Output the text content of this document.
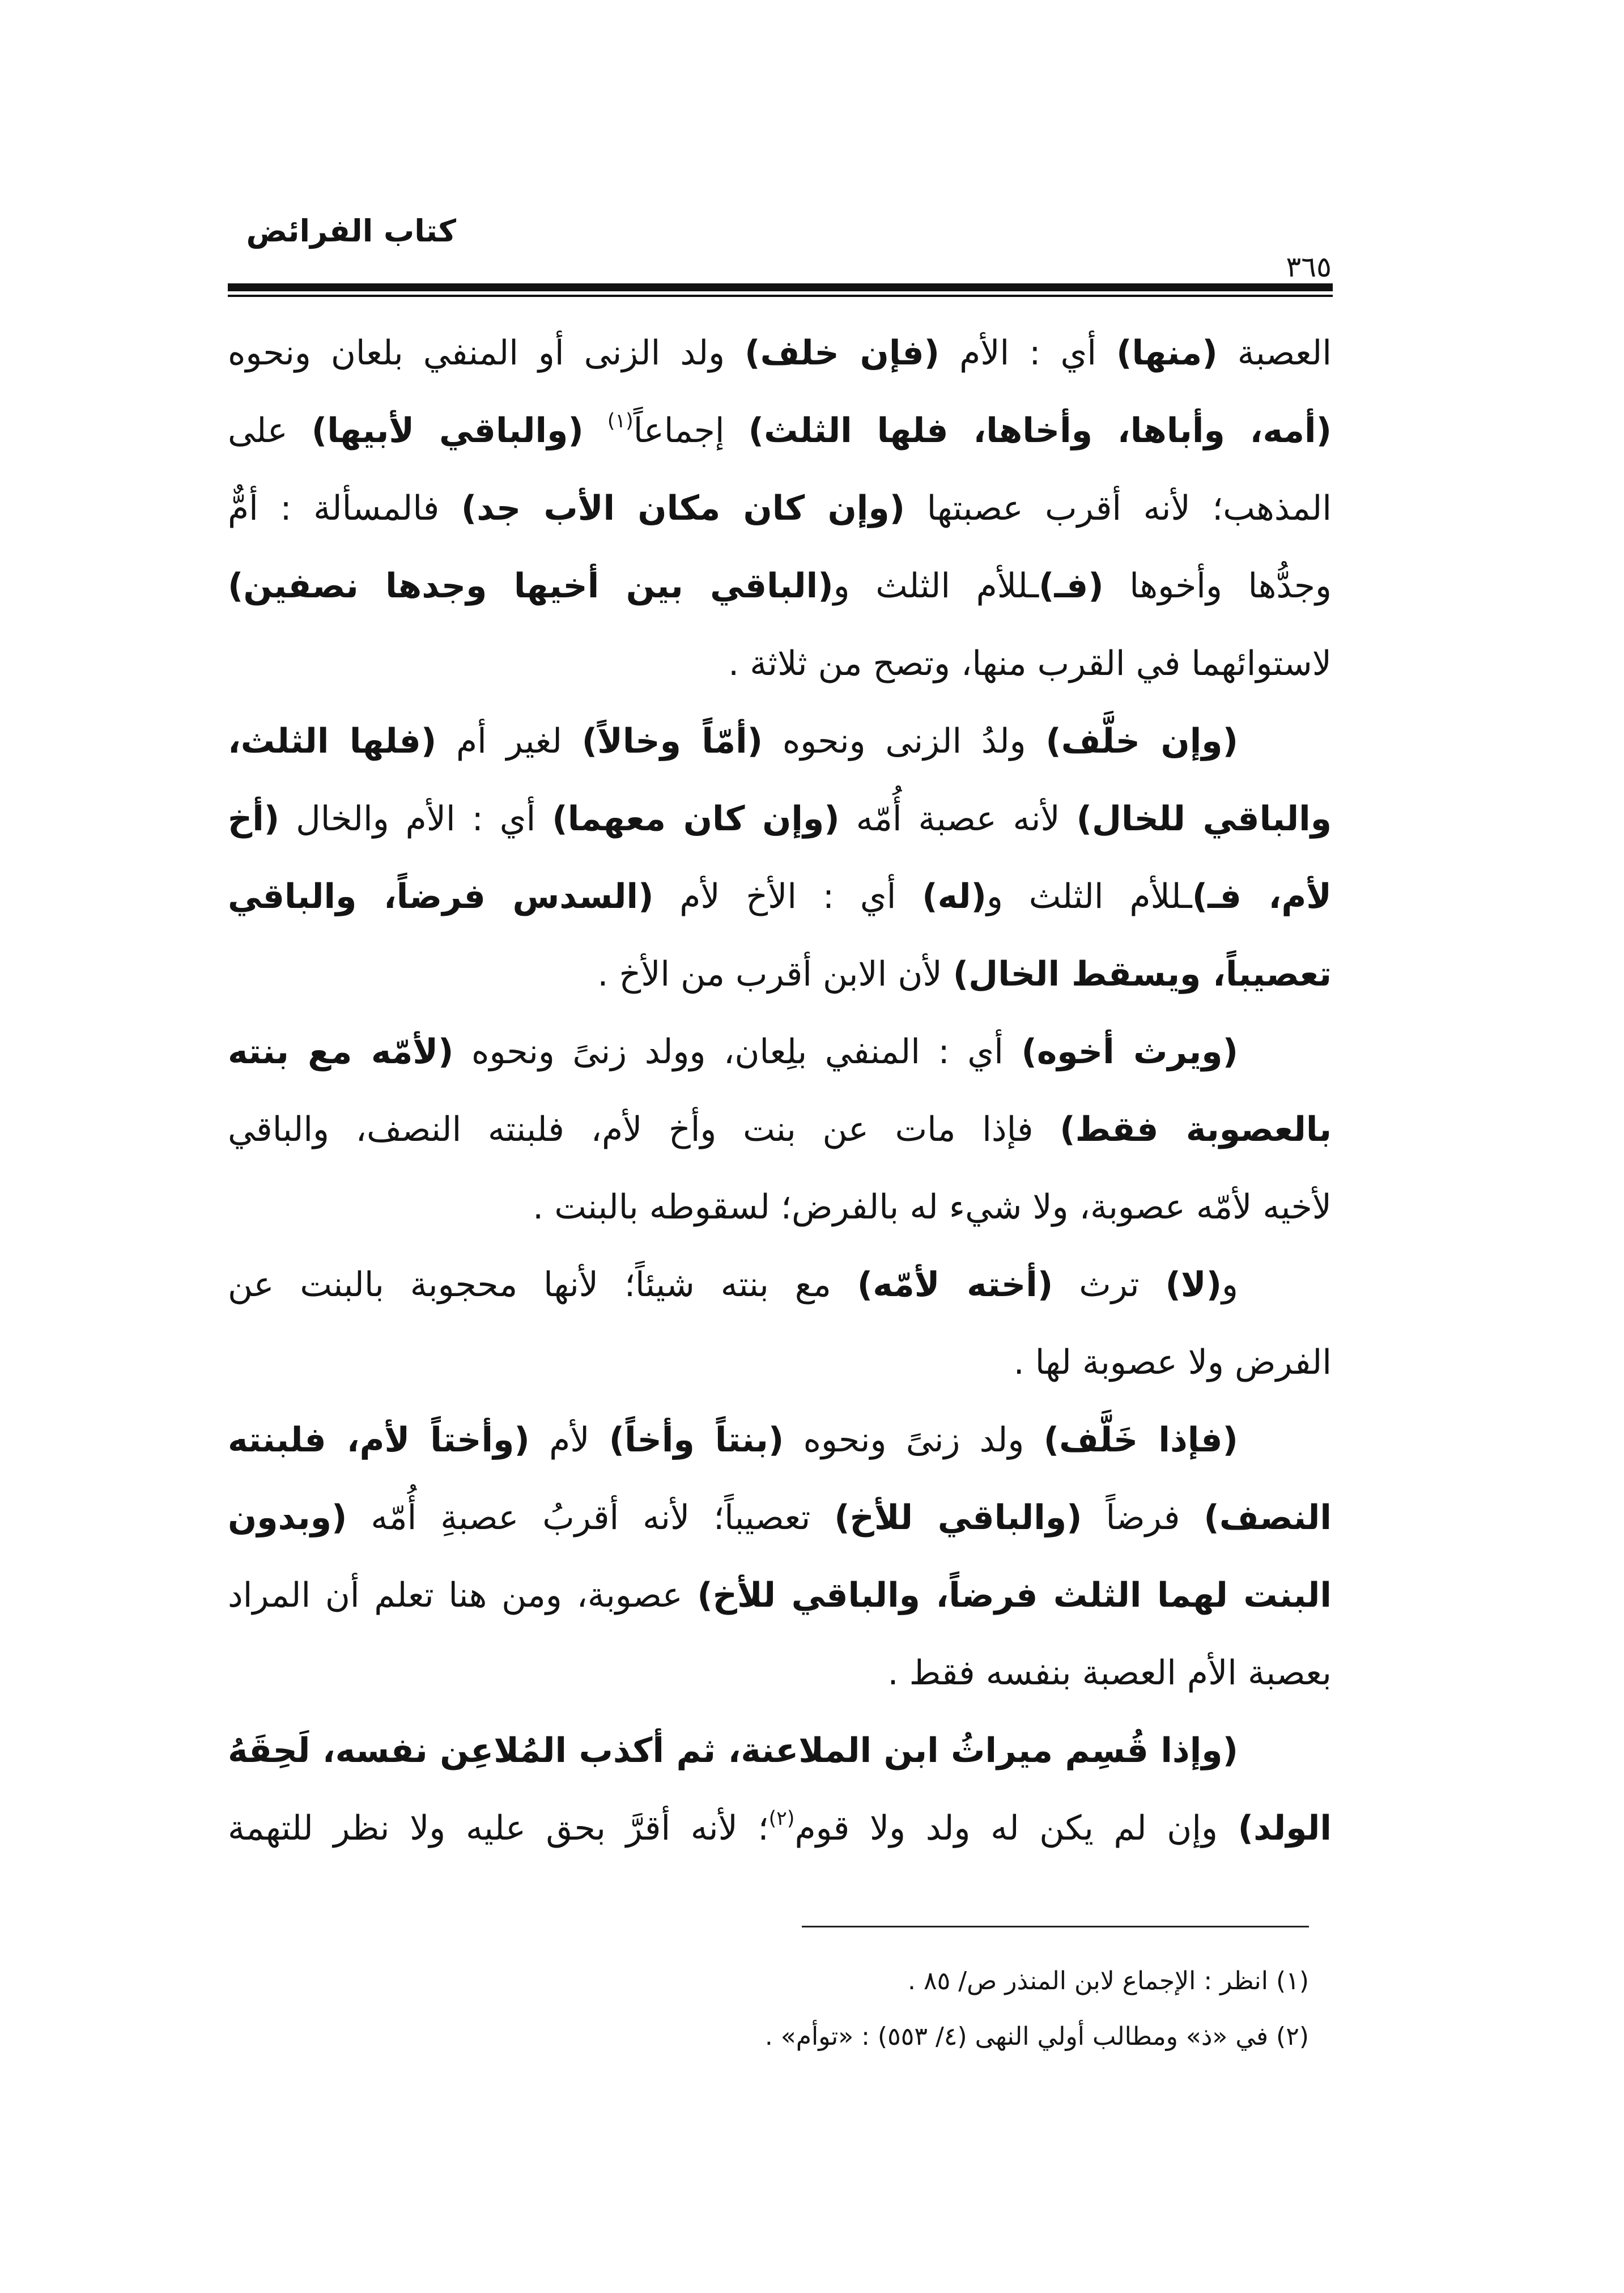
كتاب الفرائض
٣٦٥
العصبة (منها) أي : الأم (فإن خلف) ولد الزنى أو المنفي بلعان ونحوه
(أمه، وأباها، وأخاها، فلها الثلث) إجماعاً$^{(١)}$ (والباقي لأبيها) على
المذهب؛ لأنه أقرب عصبتها (وإن كان مكان الأب جد) فالمسألة : أمٌّ
وجدُّها وأخوها (فـ)ـللأم الثلث و(الباقي بين أخيها وجدها نصفين)
لاستوائهما في القرب منها، وتصح من ثلاثة .
(وإن خلَّف) ولدُ الزنى ونحوه (أمّاً وخالاً) لغير أم (فلها الثلث،
والباقي للخال) لأنه عصبة أُمّه (وإن كان معهما) أي : الأم والخال (أخ
لأم، فـ)ـللأم الثلث و(له) أي : الأخ لأم (السدس فرضاً، والباقي
تعصيباً، ويسقط الخال) لأن الابن أقرب من الأخ .
(ويرث أخوه) أي : المنفي بلِعان، وولد زنىً ونحوه (لأمّه مع بنته
بالعصوبة فقط) فإذا مات عن بنت وأخ لأم، فلبنته النصف، والباقي
لأخيه لأمّه عصوبة، ولا شيء له بالفرض؛ لسقوطه بالبنت .
و(لا) ترث (أخته لأمّه) مع بنته شيئاً؛ لأنها محجوبة بالبنت عن
الفرض ولا عصوبة لها .
(فإذا خَلَّف) ولد زنىً ونحوه (بنتاً وأخاً) لأم (وأختاً لأم، فلبنته
النصف) فرضاً (والباقي للأخ) تعصيباً؛ لأنه أقربُ عصبةِ أُمّه (وبدون
البنت لهما الثلث فرضاً، والباقي للأخ) عصوبة، ومن هنا تعلم أن المراد
بعصبة الأم العصبة بنفسه فقط .
(وإذا قُسِم ميراثُ ابن الملاعنة، ثم أكذب المُلاعِن نفسه، لَحِقَهُ
الولد) وإن لم يكن له ولد ولا قوم$^{(٢)}$؛ لأنه أقرَّ بحق عليه ولا نظر للتهمة
(١) انظر : الإجماع لابن المنذر ص/ ٨٥ .
(٢) في «ذ» ومطالب أولي النهى (٤/ ٥٥٣) : «توأم» .
